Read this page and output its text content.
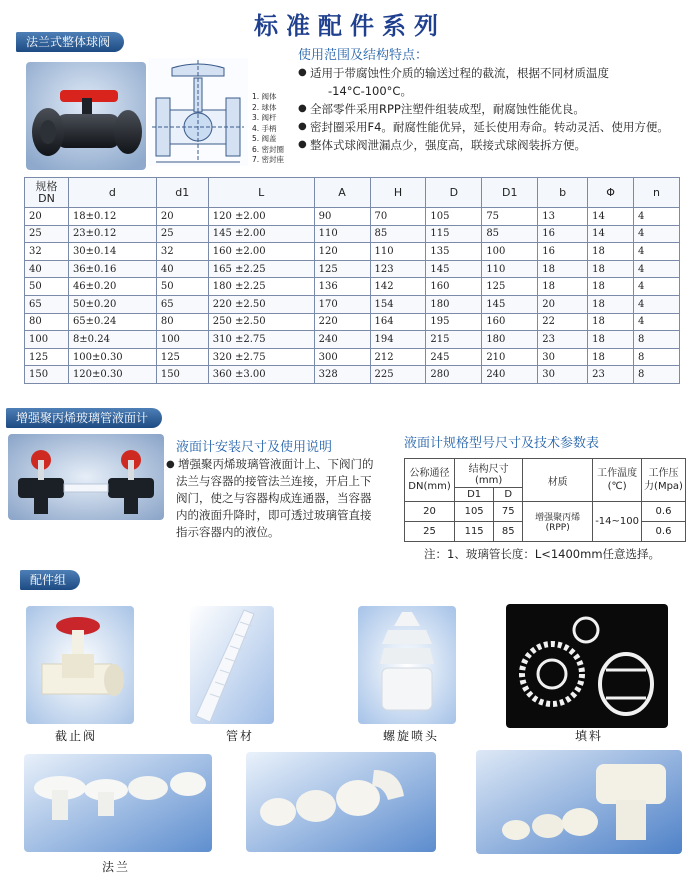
标准配件系列
法兰式整体球阀
1. 阀体
2. 球体
3. 阀杆
4. 手柄
5. 阀盖
6. 密封圈
7. 密封座
使用范围及结构特点：
● 适用于带腐蚀性介质的输送过程的截流，根据不同材质温度
-14°C-100°C。
● 全部零件采用RPP注塑件组装成型，耐腐蚀性能优良。
● 密封圈采用F4。耐腐性能优异，延长使用寿命。转动灵活、使用方便。
● 整体式球阀泄漏点少，强度高，联接式球阀装拆方便。
规格DN	d	d1	L	A	H	D	D1	b	Φ	n
20	18±0.12	20	120 ±2.00	90	70	105	75	13	14	4
25	23±0.12	25	145 ±2.00	110	85	115	85	16	14	4
32	30±0.14	32	160 ±2.00	120	110	135	100	16	18	4
40	36±0.16	40	165 ±2.25	125	123	145	110	18	18	4
50	46±0.20	50	180 ±2.25	136	142	160	125	18	18	4
65	50±0.20	65	220 ±2.50	170	154	180	145	20	18	4
80	65±0.24	80	250 ±2.50	220	164	195	160	22	18	4
100	8±0.24	100	310 ±2.75	240	194	215	180	23	18	8
125	100±0.30	125	320 ±2.75	300	212	245	210	30	18	8
150	120±0.30	150	360 ±3.00	328	225	280	240	30	23	8
增强聚丙烯玻璃管液面计
液面计安装尺寸及使用说明
● 增强聚丙烯玻璃管液面计上、下阀门的
法兰与容器的接管法兰连接，开启上下
阀门，使之与容器构成连通器，当容器
内的液面升降时，即可透过玻璃管直接
指示容器内的液位。
液面计规格型号尺寸及技术参数表
公称通径DN(mm)	结构尺寸(mm)		材质	工作温度(℃)	工作压力(Mpa)
	D1	D			
20	105	75	增强聚丙烯(RPP)	-14~100	0.6
25	115	85			0.6
注：1、玻璃管长度：L<1400mm任意选择。
配件组
截止阀	管材	螺旋喷头	填料
法兰
